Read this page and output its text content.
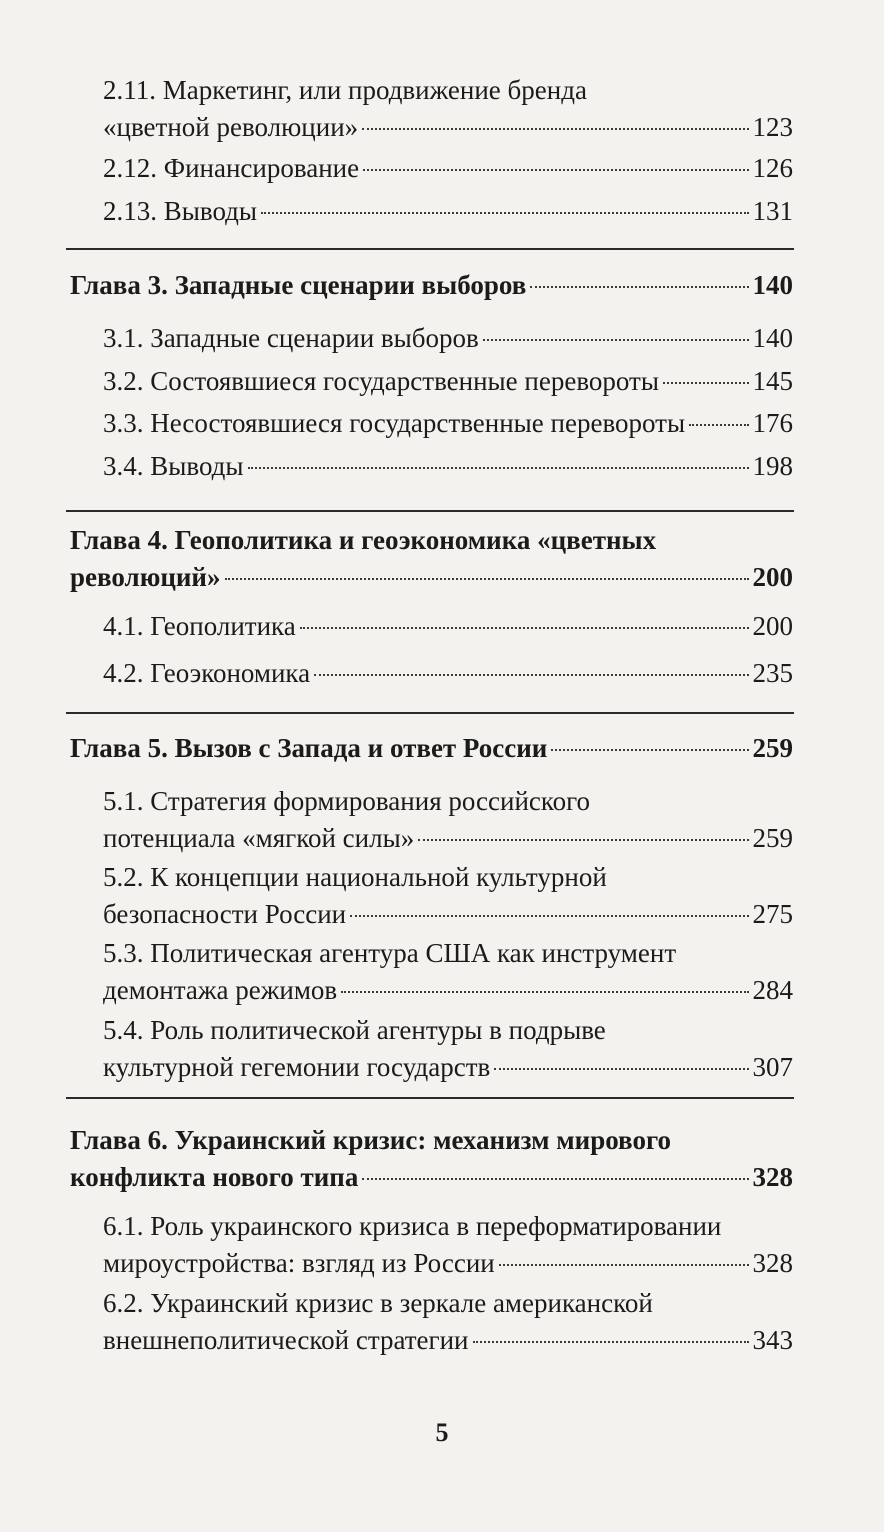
2.11. Маркетинг, или продвижение бренда
«цветной революции»	123
2.12. Финансирование	126
2.13. Выводы	131
Глава 3. Западные сценарии выборов	140
3.1. Западные сценарии выборов	140
3.2. Состоявшиеся государственные перевороты	145
3.3. Несостоявшиеся государственные перевороты 176
3.4. Выводы	198
Глава 4. Геополитика и геоэкономика «цветных
революций»	200
4.1. Геополитика	200
4.2. Геоэкономика	235
Глава 5. Вызов с Запада и ответ России	259
5.1. Стратегия формирования российского
потенциала «мягкой силы»	259
5.2. К концепции национальной культурной
безопасности России	275
5.3. Политическая агентура США как инструмент
демонтажа режимов	284
5.4. Роль политической агентуры в подрыве
культурной гегемонии государств	307
Глава 6. Украинский кризис: механизм мирового
конфликта нового типа	328
6.1. Роль украинского кризиса в переформатировании
мироустройства: взгляд из России	328
6.2. Украинский кризис в зеркале американской
внешнеполитической стратегии	343
5
